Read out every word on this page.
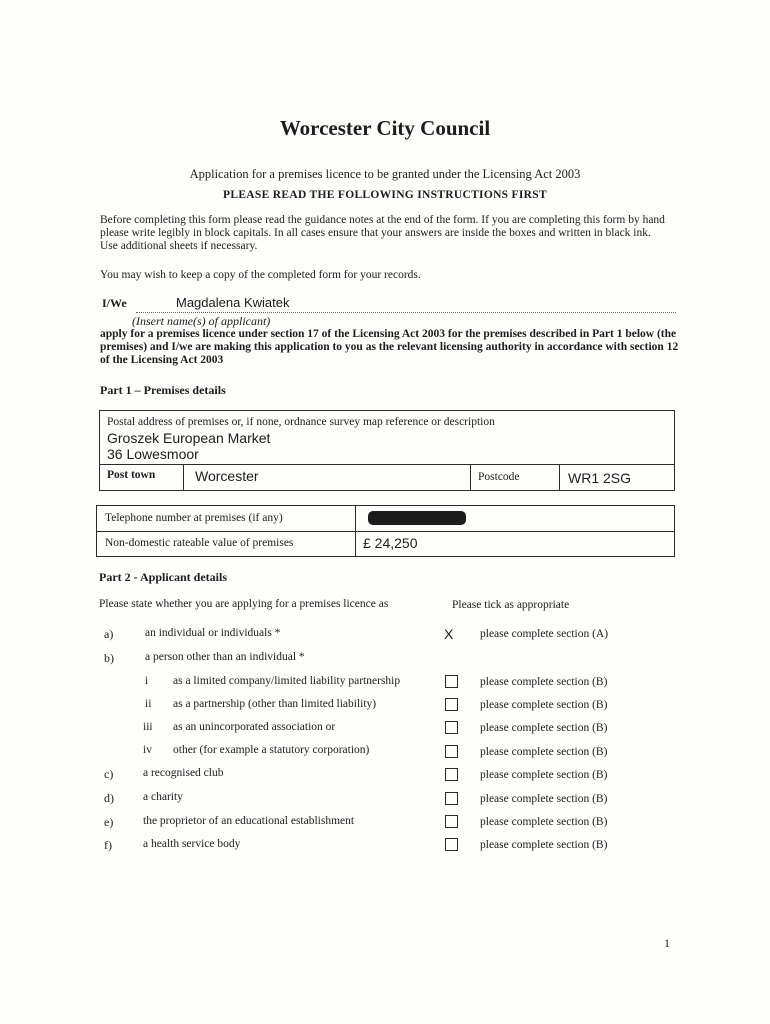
Worcester City Council
Application for a premises licence to be granted under the Licensing Act 2003
PLEASE READ THE FOLLOWING INSTRUCTIONS FIRST
Before completing this form please read the guidance notes at the end of the form. If you are completing this form by hand please write legibly in block capitals. In all cases ensure that your answers are inside the boxes and written in black ink. Use additional sheets if necessary.
You may wish to keep a copy of the completed form for your records.
I/We	Magdalena Kwiatek
(Insert name(s) of applicant)
apply for a premises licence under section 17 of the Licensing Act 2003 for the premises described in Part 1 below (the premises) and I/we are making this application to you as the relevant licensing authority in accordance with section 12 of the Licensing Act 2003
Part 1 – Premises details
Postal address of premises or, if none, ordnance survey map reference or description
Groszek European Market
36 Lowesmoor
Post town	Worcester	Postcode	WR1 2SG
Telephone number at premises (if any)
Non-domestic rateable value of premises	£ 24,250
Part 2 - Applicant details
Please state whether you are applying for a premises licence as	Please tick as appropriate
a)	an individual or individuals *	X please complete section (A)
b)	a person other than an individual *
i as a limited company/limited liability partnership	please complete section (B)
ii as a partnership (other than limited liability)	please complete section (B)
iii as an unincorporated association or	please complete section (B)
iv other (for example a statutory corporation)	please complete section (B)
c)	a recognised club	please complete section (B)
d)	a charity	please complete section (B)
e)	the proprietor of an educational establishment	please complete section (B)
f)	a health service body	please complete section (B)
1
